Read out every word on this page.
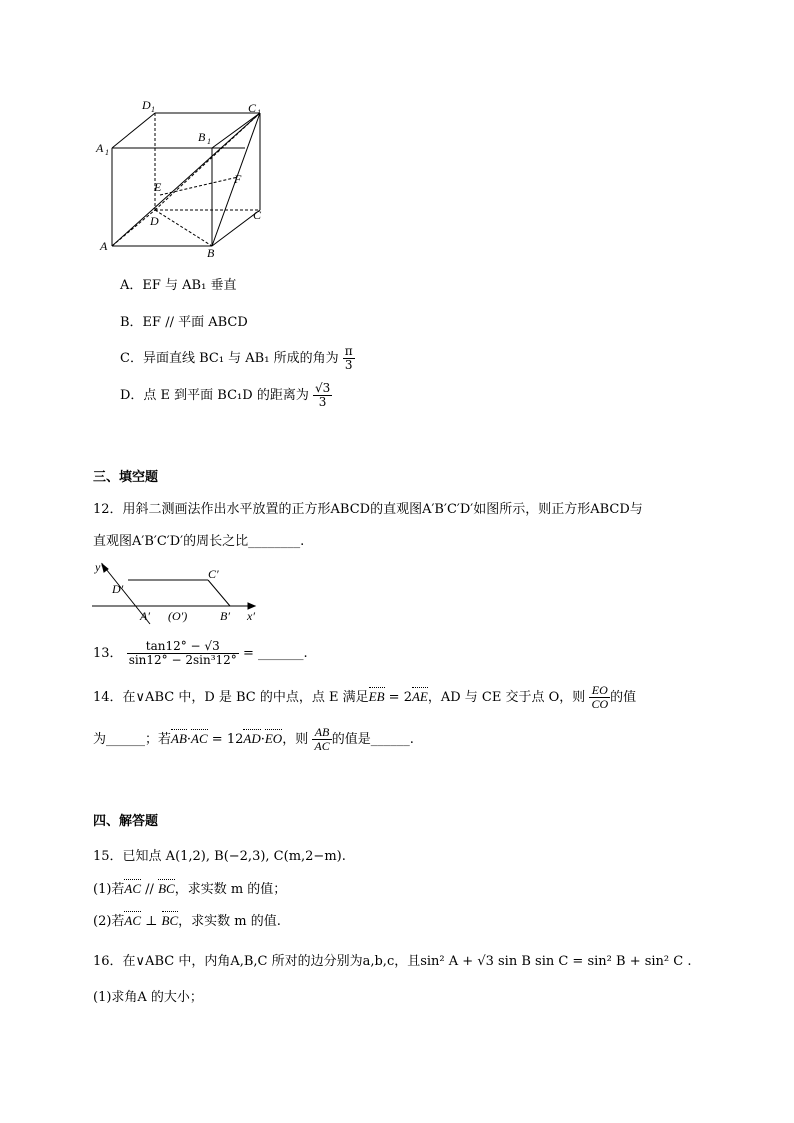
D 1	C 1
A 1
B 1
E
F
D	C
A	B
A．EF 与 AB₁ 垂直
B．EF // 平面 ABCD
C．异面直线 BC₁ 与 AB₁ 所成的角为 $\frac{\pi}{3}$
D．点 E 到平面 BC₁D 的距离为 $\frac{√3}{3}$
三、填空题
12．用斜二测画法作出水平放置的正方形ABCD的直观图A′B′C′D′如图所示，则正方形ABCD与
直观图A′B′C′D′的周长之比________.
y′
x′
D′
C′
A′ (O′)	B′
13． $\frac{\tan 12^\circ - √3}{\text{sin12° − 2sin³12°}}$ = _______.
14．在∨ABC 中，D 是 BC 的中点，点 E 满足EB = 2AE，AD 与 CE 交于点 O，则 $\frac{EO}{CO}$ 的值
为______；若AB·AC = 12AD·EO，则 $\frac{AB}{AC}$ 的值是______.
四、解答题
15．已知点 A(1,2), B(−2,3), C(m,2−m).
(1)若AC // BC，求实数 m 的值；
(2)若AC ⊥ BC，求实数 m 的值.
16．在∨ABC 中，内角A,B,C 所对的边分别为a,b,c，且sin² A + √3 sin B sin C = sin² B + sin² C .
(1)求角A 的大小；
